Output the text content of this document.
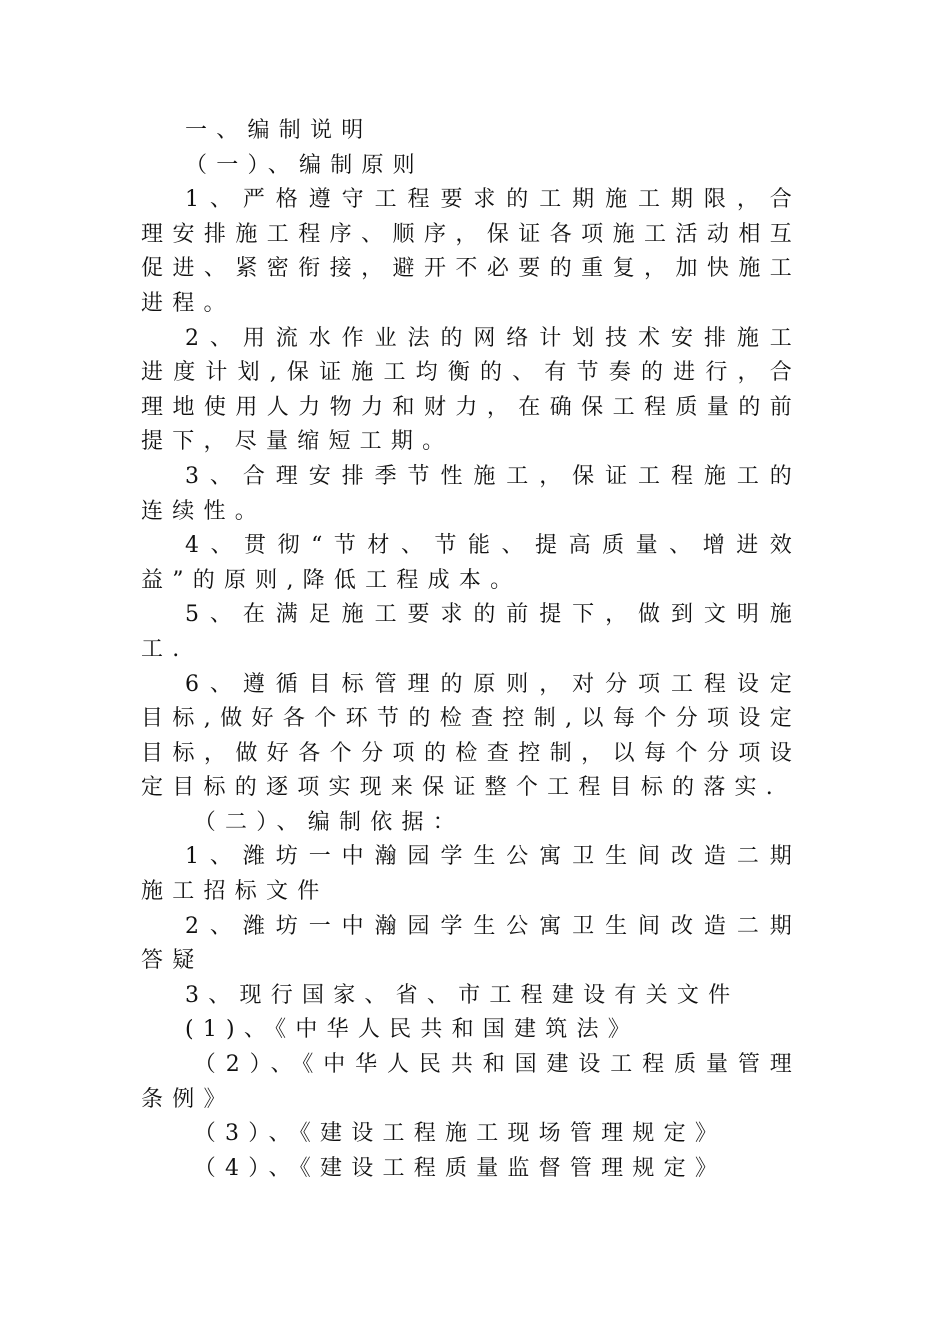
一、编制说明

（一）、编制原则

1、严格遵守工程要求的工期施工期限，合理安排施工程序、顺序，保证各项施工活动相互促进、紧密衔接，避开不必要的重复，加快施工进程。

2、用流水作业法的网络计划技术安排施工进度计划,保证施工均衡的、有节奏的进行，合理地使用人力物力和财力，在确保工程质量的前提下，尽量缩短工期。

3、合理安排季节性施工，保证工程施工的连续性。

4、贯彻“节材、节能、提高质量、增进效益”的原则,降低工程成本。

5、在满足施工要求的前提下，做到文明施工.

6、遵循目标管理的原则，对分项工程设定目标,做好各个环节的检查控制,以每个分项设定目标，做好各个分项的检查控制，以每个分项设定目标的逐项实现来保证整个工程目标的落实.

（二）、编制依据：

1、潍坊一中瀚园学生公寓卫生间改造二期施工招标文件

2、潍坊一中瀚园学生公寓卫生间改造二期答疑

3、现行国家、省、市工程建设有关文件

(1)、《中华人民共和国建筑法》

（2）、《中华人民共和国建设工程质量管理条例》

（3）、《建设工程施工现场管理规定》

（4）、《建设工程质量监督管理规定》
